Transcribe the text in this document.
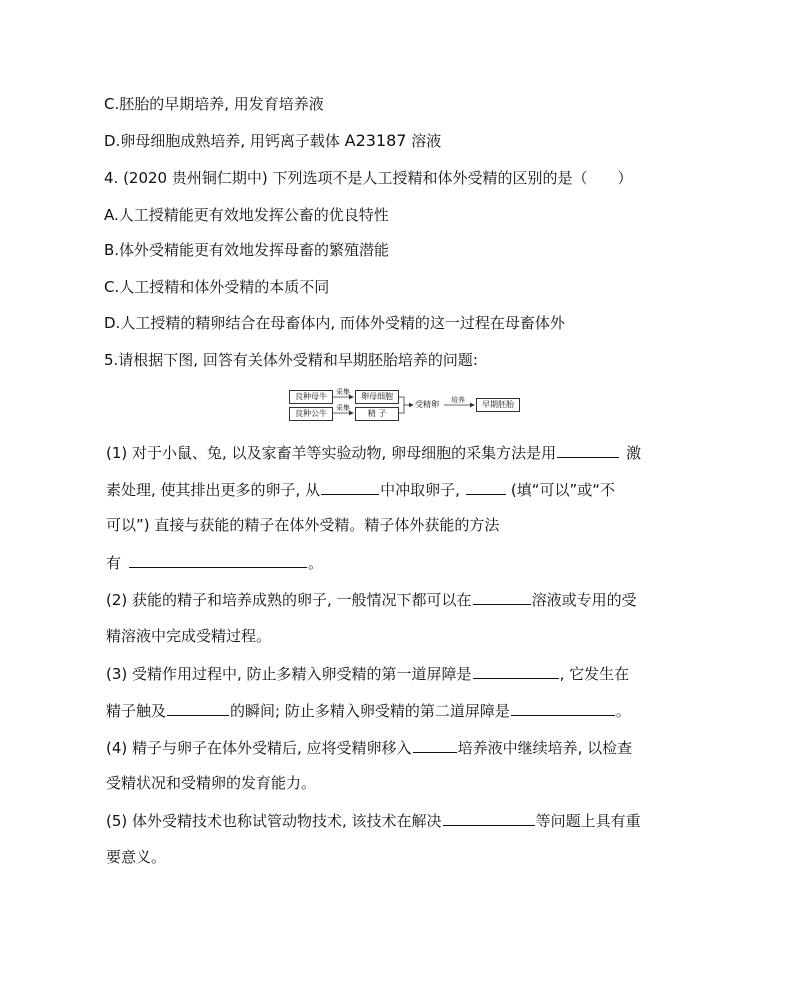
C.胚胎的早期培养, 用发育培养液
D.卵母细胞成熟培养, 用钙离子载体 A23187 溶液
4. (2020 贵州铜仁期中) 下列选项不是人工授精和体外受精的区别的是（　　）
A.人工授精能更有效地发挥公畜的优良特性
B.体外受精能更有效地发挥母畜的繁殖潜能
C.人工授精和体外受精的本质不同
D.人工授精的精卵结合在母畜体内, 而体外受精的这一过程在母畜体外
5.请根据下图, 回答有关体外受精和早期胚胎培养的问题:
良种母牛
良种公牛
采集
采集
卵母细胞
精 子
受精卵 培养	早期胚胎
(1) 对于小鼠、兔, 以及家畜羊等实验动物, 卵母细胞的采集方法是用	激
素处理, 使其排出更多的卵子, 从	中冲取卵子,	(填“可以”或“不
可以”) 直接与获能的精子在体外受精。精子体外获能的方法
有	。
(2) 获能的精子和培养成熟的卵子, 一般情况下都可以在	溶液或专用的受
精溶液中完成受精过程。
(3) 受精作用过程中, 防止多精入卵受精的第一道屏障是	, 它发生在
精子触及	的瞬间; 防止多精入卵受精的第二道屏障是	。
(4) 精子与卵子在体外受精后, 应将受精卵移入	培养液中继续培养, 以检查
受精状况和受精卵的发育能力。
(5) 体外受精技术也称试管动物技术, 该技术在解决	等问题上具有重
要意义。
